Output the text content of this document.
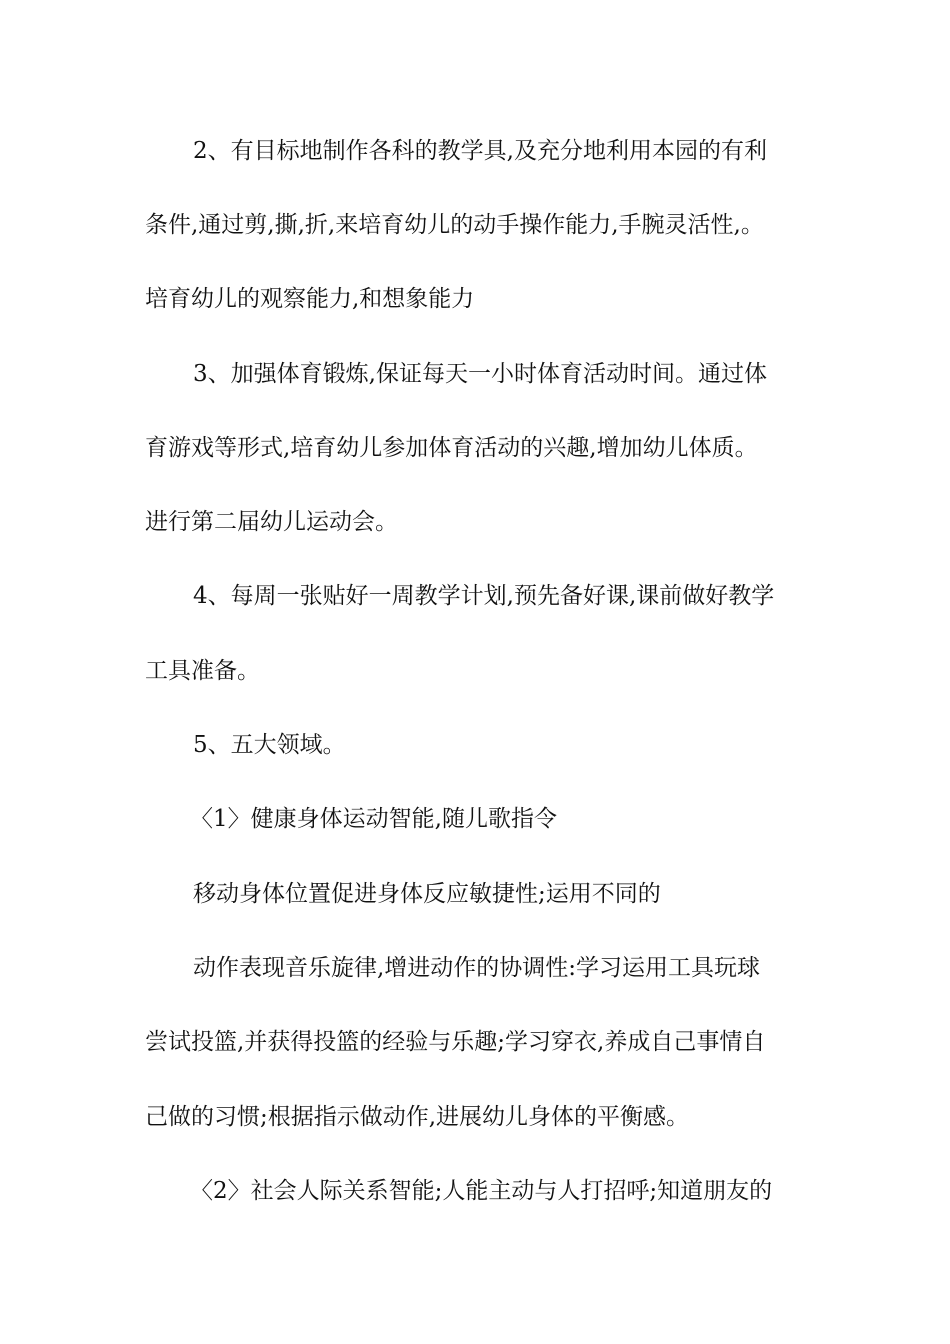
2、有目标地制作各科的教学具,及充分地利用本园的有利
条件,通过剪,撕,折,来培育幼儿的动手操作能力,手腕灵活性,。
培育幼儿的观察能力,和想象能力
3、加强体育锻炼,保证每天一小时体育活动时间。通过体
育游戏等形式,培育幼儿参加体育活动的兴趣,增加幼儿体质。
进行第二届幼儿运动会。
4、每周一张贴好一周教学计划,预先备好课,课前做好教学
工具准备。
5、五大领域。
〈1〉健康身体运动智能,随儿歌指令
移动身体位置促进身体反应敏捷性;运用不同的
动作表现音乐旋律,增进动作的协调性:学习运用工具玩球
尝试投篮,并获得投篮的经验与乐趣;学习穿衣,养成自己事情自
己做的习惯;根据指示做动作,进展幼儿身体的平衡感。
〈2〉社会人际关系智能;人能主动与人打招呼;知道朋友的
